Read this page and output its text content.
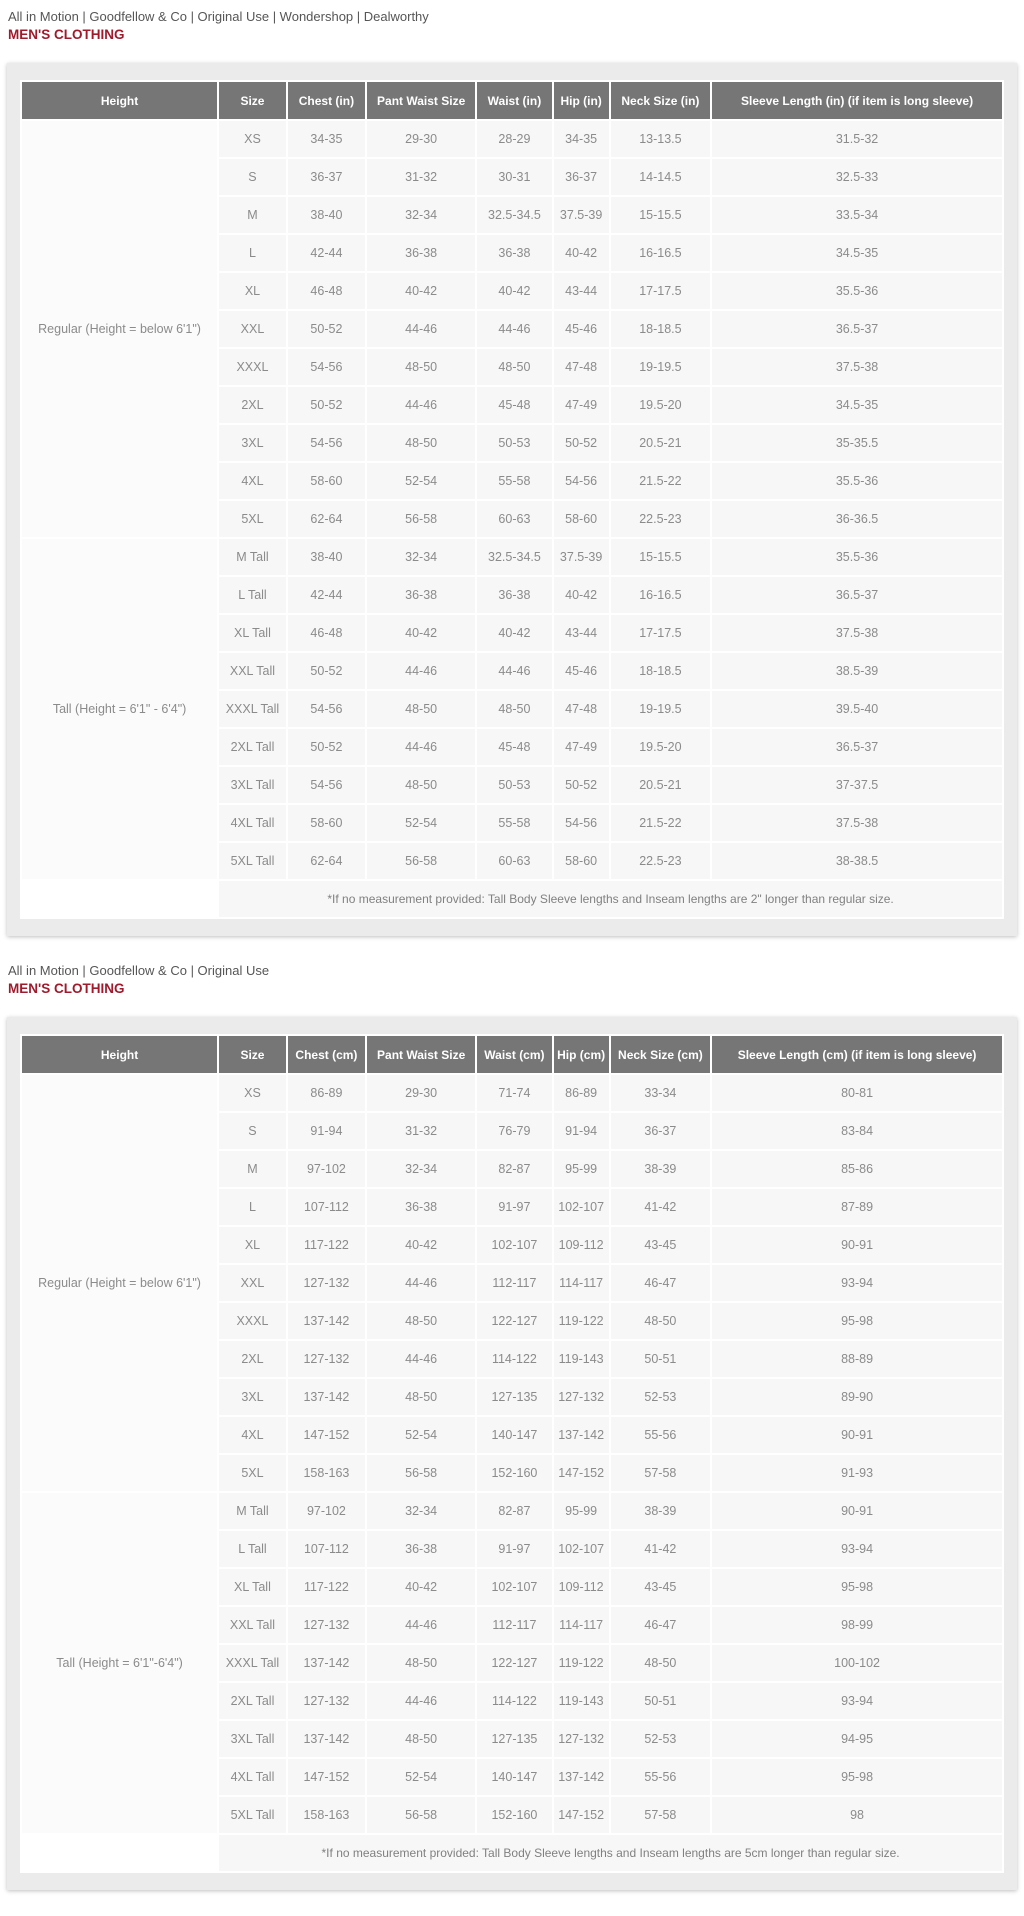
All in Motion | Goodfellow & Co | Original Use | Wondershop | Dealworthy

MEN'S CLOTHING

Height	Size	Chest (in)	Pant Waist Size	Waist (in)	Hip (in)	Neck Size (in)	Sleeve Length (in) (if item is long sleeve)
Regular (Height = below 6'1")	XS	34-35	29-30	28-29	34-35	13-13.5	31.5-32
	S	36-37	31-32	30-31	36-37	14-14.5	32.5-33
	M	38-40	32-34	32.5-34.5	37.5-39	15-15.5	33.5-34
	L	42-44	36-38	36-38	40-42	16-16.5	34.5-35
	XL	46-48	40-42	40-42	43-44	17-17.5	35.5-36
	XXL	50-52	44-46	44-46	45-46	18-18.5	36.5-37
	XXXL	54-56	48-50	48-50	47-48	19-19.5	37.5-38
	2XL	50-52	44-46	45-48	47-49	19.5-20	34.5-35
	3XL	54-56	48-50	50-53	50-52	20.5-21	35-35.5
	4XL	58-60	52-54	55-58	54-56	21.5-22	35.5-36
	5XL	62-64	56-58	60-63	58-60	22.5-23	36-36.5
Tall (Height = 6'1" - 6'4")	M Tall	38-40	32-34	32.5-34.5	37.5-39	15-15.5	35.5-36
	L Tall	42-44	36-38	36-38	40-42	16-16.5	36.5-37
	XL Tall	46-48	40-42	40-42	43-44	17-17.5	37.5-38
	XXL Tall	50-52	44-46	44-46	45-46	18-18.5	38.5-39
	XXXL Tall	54-56	48-50	48-50	47-48	19-19.5	39.5-40
	2XL Tall	50-52	44-46	45-48	47-49	19.5-20	36.5-37
	3XL Tall	54-56	48-50	50-53	50-52	20.5-21	37-37.5
	4XL Tall	58-60	52-54	55-58	54-56	21.5-22	37.5-38
	5XL Tall	62-64	56-58	60-63	58-60	22.5-23	38-38.5
	*If no measurement provided: Tall Body Sleeve lengths and Inseam lengths are 2" longer than regular size.						

All in Motion | Goodfellow & Co | Original Use

MEN'S CLOTHING

Height	Size	Chest (cm)	Pant Waist Size	Waist (cm)	Hip (cm)	Neck Size (cm)	Sleeve Length (cm) (if item is long sleeve)
Regular (Height = below 6'1")	XS	86-89	29-30	71-74	86-89	33-34	80-81
	S	91-94	31-32	76-79	91-94	36-37	83-84
	M	97-102	32-34	82-87	95-99	38-39	85-86
	L	107-112	36-38	91-97	102-107	41-42	87-89
	XL	117-122	40-42	102-107	109-112	43-45	90-91
	XXL	127-132	44-46	112-117	114-117	46-47	93-94
	XXXL	137-142	48-50	122-127	119-122	48-50	95-98
	2XL	127-132	44-46	114-122	119-143	50-51	88-89
	3XL	137-142	48-50	127-135	127-132	52-53	89-90
	4XL	147-152	52-54	140-147	137-142	55-56	90-91
	5XL	158-163	56-58	152-160	147-152	57-58	91-93
Tall (Height = 6'1"-6'4")	M Tall	97-102	32-34	82-87	95-99	38-39	90-91
	L Tall	107-112	36-38	91-97	102-107	41-42	93-94
	XL Tall	117-122	40-42	102-107	109-112	43-45	95-98
	XXL Tall	127-132	44-46	112-117	114-117	46-47	98-99
	XXXL Tall	137-142	48-50	122-127	119-122	48-50	100-102
	2XL Tall	127-132	44-46	114-122	119-143	50-51	93-94
	3XL Tall	137-142	48-50	127-135	127-132	52-53	94-95
	4XL Tall	147-152	52-54	140-147	137-142	55-56	95-98
	5XL Tall	158-163	56-58	152-160	147-152	57-58	98
	*If no measurement provided: Tall Body Sleeve lengths and Inseam lengths are 5cm longer than regular size.						
